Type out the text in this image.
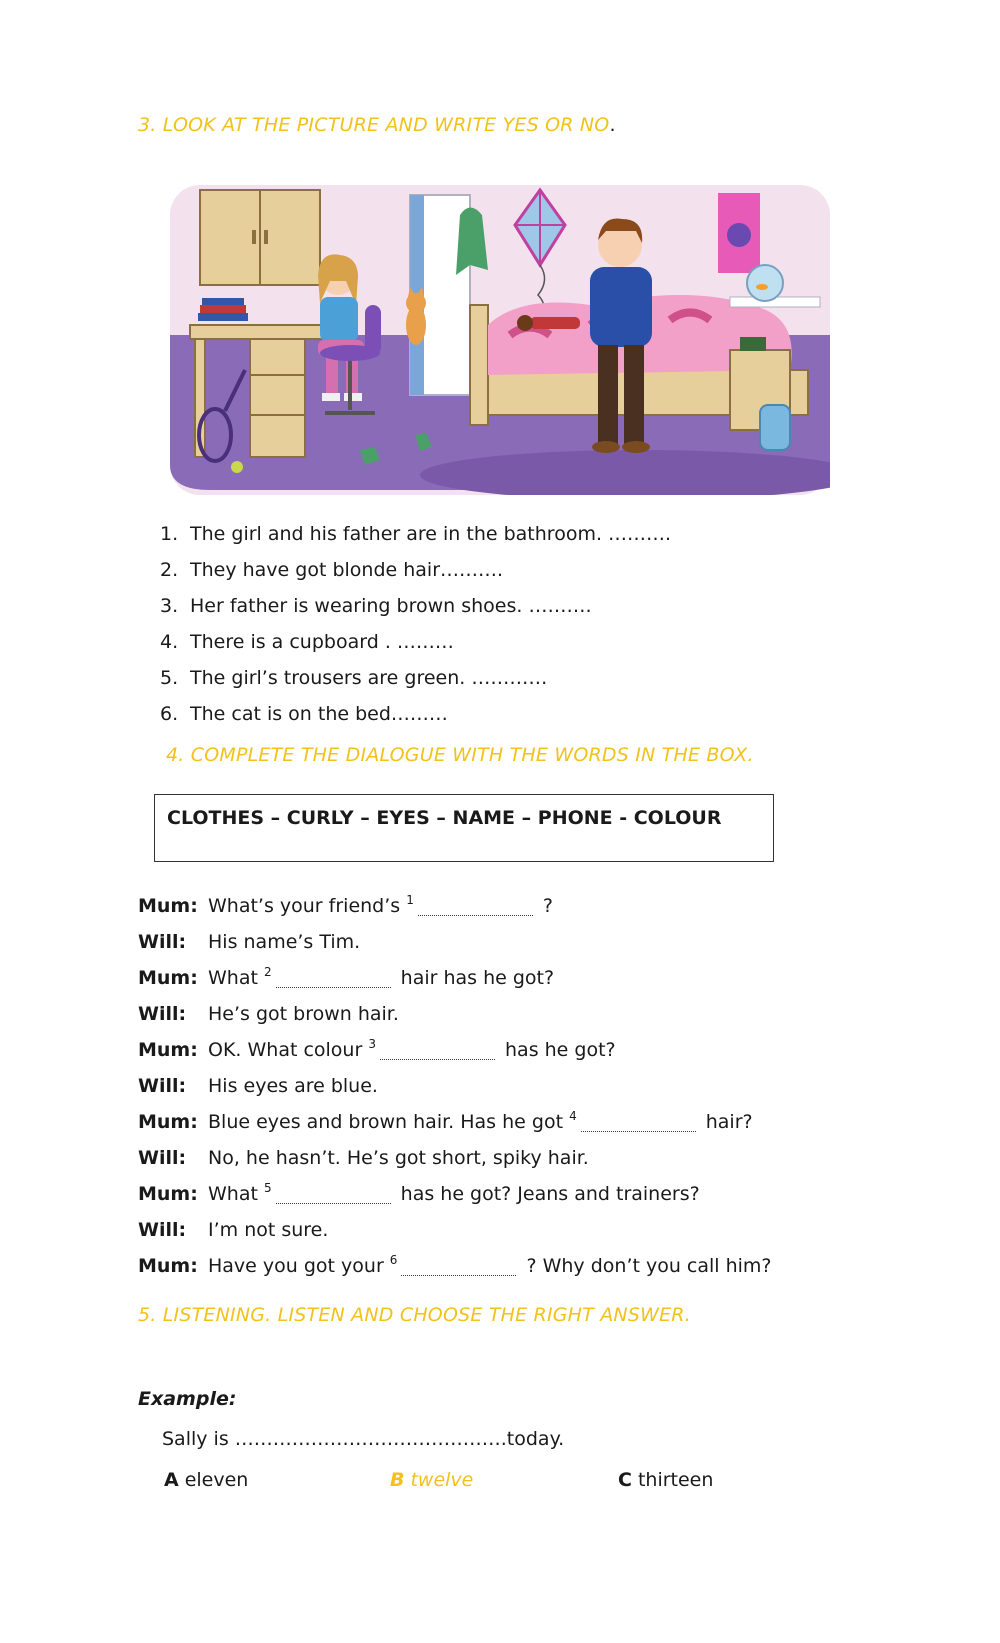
3. LOOK AT THE PICTURE AND WRITE YES OR NO.
1. The girl and his father are in the bathroom. ……….
2. They have got blonde hair……….
3. Her father is wearing brown shoes. ……….
4. There is a cupboard . ………
5. The girl’s trousers are green. …………
6. The cat is on the bed………
4. COMPLETE THE DIALOGUE WITH THE WORDS IN THE BOX.
CLOTHES – CURLY – EYES – NAME – PHONE - COLOUR
Mum: What’s your friend’s $^1$	?
Will: His name’s Tim.
Mum: What $^2$	hair has he got?
Will: He’s got brown hair.
Mum: OK. What colour $^3$	has he got?
Will: His eyes are blue.
Mum: Blue eyes and brown hair. Has he got $^4$	hair?
Will: No, he hasn’t. He’s got short, spiky hair.
Mum: What $^5$	has he got? Jeans and trainers?
Will: I’m not sure.
Mum: Have you got your $^6$	? Why don’t you call him?
5. LISTENING. LISTEN AND CHOOSE THE RIGHT ANSWER.
Example:
Sally is …………………………………….today.
A eleven	B twelve	C thirteen
